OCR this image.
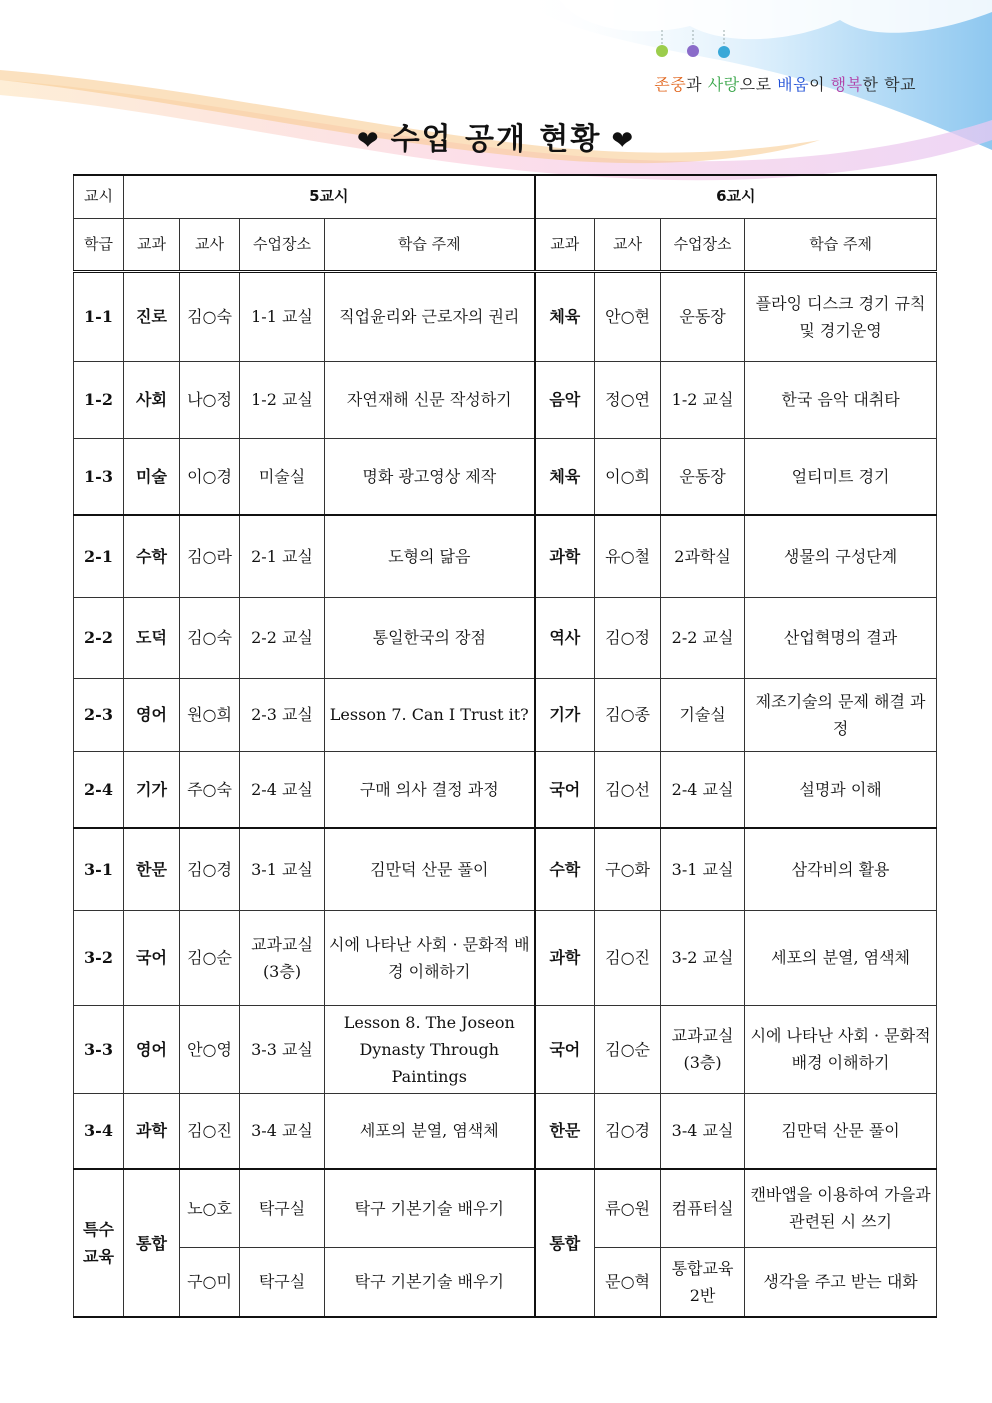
존중과 사랑으로 배움이 행복한 학교
❤ 수업 공개 현황 ❤
교시	5교시				6교시			
학급	교과	교사	수업장소	학습 주제	교과	교사	수업장소	학습 주제
1-1	진로	김○숙	1-1 교실	직업윤리와 근로자의 권리	체육	안○현	운동장	플라잉 디스크 경기 규칙 및 경기운영
1-2	사회	나○정	1-2 교실	자연재해 신문 작성하기	음악	정○연	1-2 교실	한국 음악 대취타
1-3	미술	이○경	미술실	명화 광고영상 제작	체육	이○희	운동장	얼티미트 경기
2-1	수학	김○라	2-1 교실	도형의 닮음	과학	유○철	2과학실	생물의 구성단계
2-2	도덕	김○숙	2-2 교실	통일한국의 장점	역사	김○정	2-2 교실	산업혁명의 결과
2-3	영어	원○희	2-3 교실	Lesson 7. Can I Trust it?	기가	김○종	기술실	제조기술의 문제 해결 과정
2-4	기가	주○숙	2-4 교실	구매 의사 결정 과정	국어	김○선	2-4 교실	설명과 이해
3-1	한문	김○경	3-1 교실	김만덕 산문 풀이	수학	구○화	3-1 교실	삼각비의 활용
3-2	국어	김○순	교과교실 (3층)	시에 나타난 사회 · 문화적 배경 이해하기	과학	김○진	3-2 교실	세포의 분열, 염색체
3-3	영어	안○영	3-3 교실	Lesson 8. The Joseon Dynasty Through Paintings	국어	김○순	교과교실 (3층)	시에 나타난 사회 · 문화적 배경 이해하기
3-4	과학	김○진	3-4 교실	세포의 분열, 염색체	한문	김○경	3-4 교실	김만덕 산문 풀이
특수 교육	통합	노○호	탁구실	탁구 기본기술 배우기	통합	류○원	컴퓨터실	캔바앱을 이용하여 가을과 관련된 시 쓰기
		구○미	탁구실	탁구 기본기술 배우기		문○혁	통합교육 2반	생각을 주고 받는 대화
